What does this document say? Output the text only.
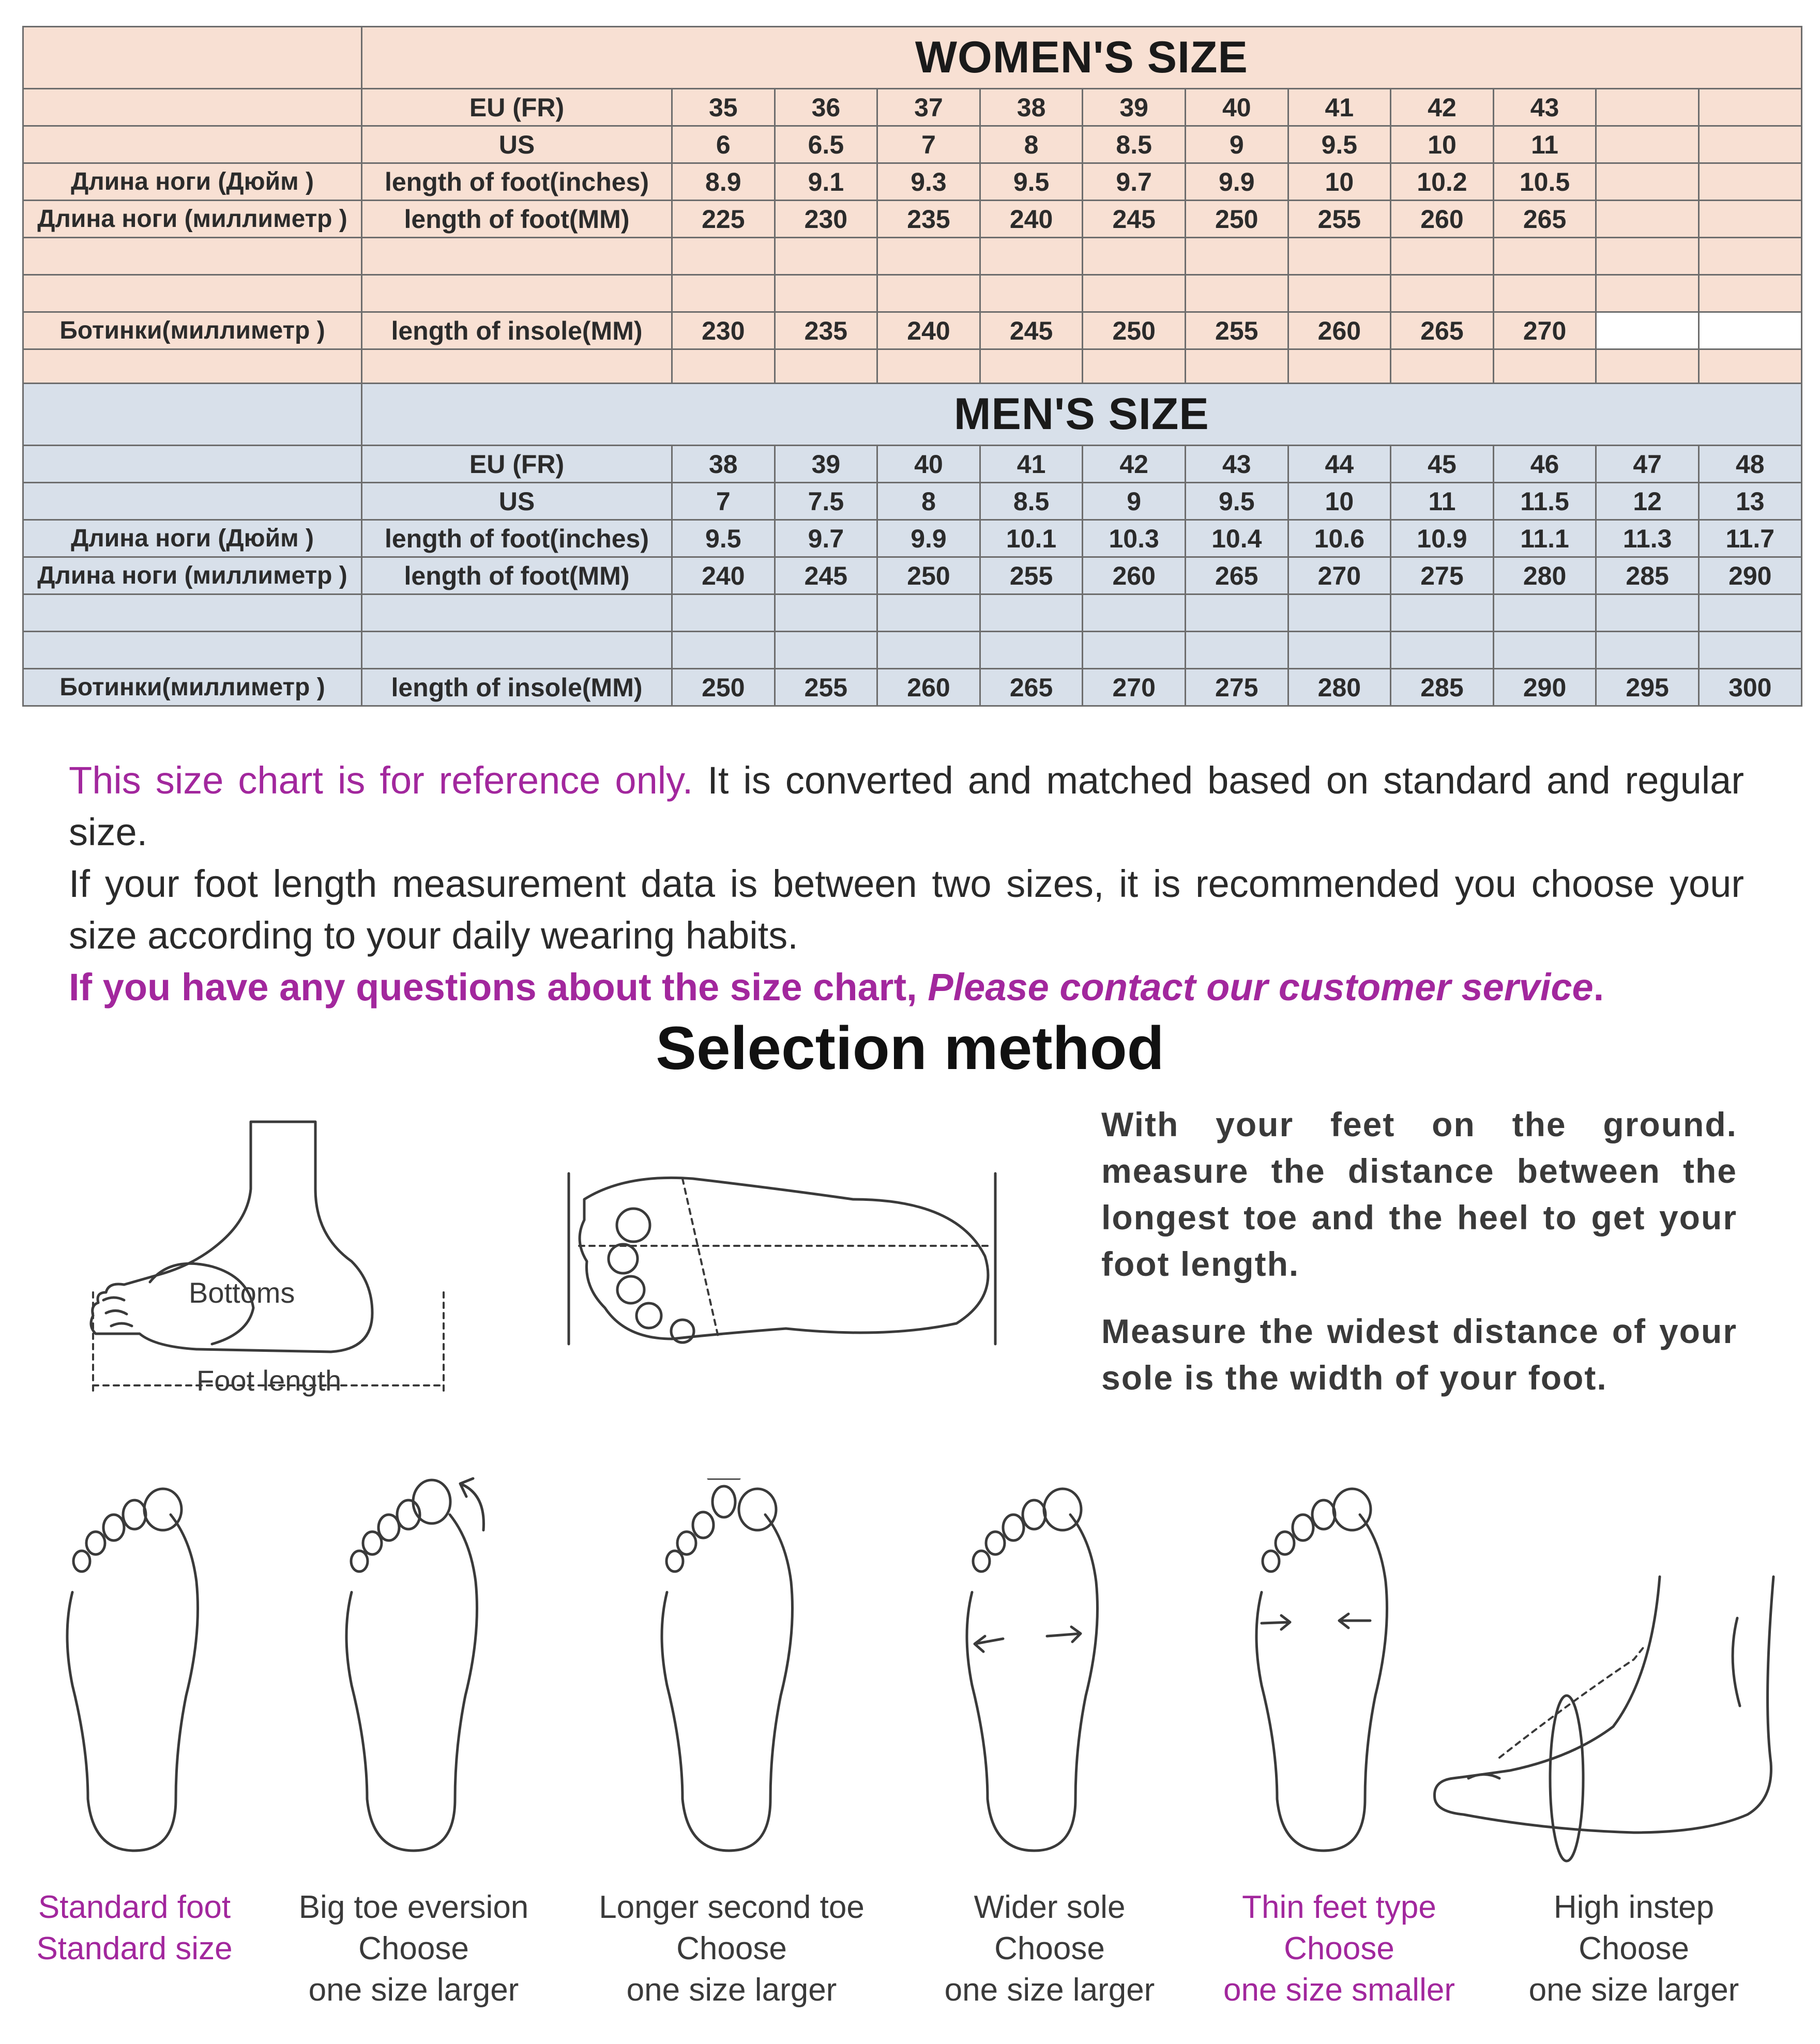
	WOMEN'S SIZE											
	EU (FR)	35	36	37	38	39	40	41	42	43		
	US	6	6.5	7	8	8.5	9	9.5	10	11		
Длина ноги (Дюйм )	length of foot(inches)	8.9	9.1	9.3	9.5	9.7	9.9	10	10.2	10.5		
Длина ноги (миллиметр )	length of foot(MM)	225	230	235	240	245	250	255	260	265		

Ботинки(миллиметр )	length of insole(MM)	230	235	240	245	250	255	260	265	270		

	MEN'S SIZE											
	EU (FR)	38	39	40	41	42	43	44	45	46	47	48
	US	7	7.5	8	8.5	9	9.5	10	11	11.5	12	13
Длина ноги (Дюйм )	length of foot(inches)	9.5	9.7	9.9	10.1	10.3	10.4	10.6	10.9	11.1	11.3	11.7
Длина ноги (миллиметр )	length of foot(MM)	240	245	250	255	260	265	270	275	280	285	290

Ботинки(миллиметр )	length of insole(MM)	250	255	260	265	270	275	280	285	290	295	300

This size chart is for reference only. It is converted and matched based on standard and regular size.

If your foot length measurement data is between two sizes, it is recommended you choose your size according to your daily wearing habits.

If you have any questions about the size chart, Please contact our customer service.

Selection method
With your feet on the ground. measure the distance between the longest toe and the heel to get your foot length.
Measure the widest distance of your sole is the width of your foot.
Bottoms
Foot length
Standard foot
Standard size
Big toe eversion
Choose
one size larger
Longer second toe
Choose
one size larger
Wider sole
Choose
one size larger
Thin feet type
Choose
one size smaller
High instep
Choose
one size larger
